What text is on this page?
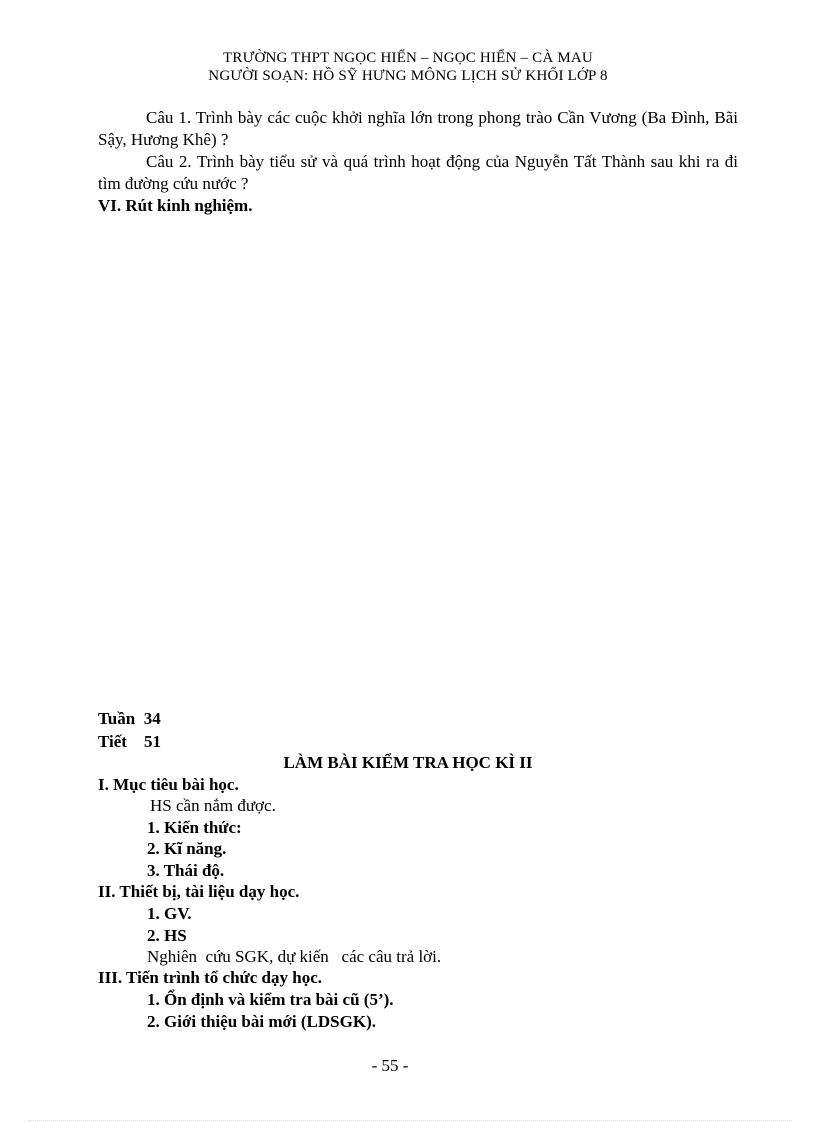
TRƯỜNG THPT NGỌC HIỂN – NGỌC HIỂN – CÀ MAU
NGƯỜI SOẠN: HỒ SỸ HƯNG MÔNG LỊCH SỬ KHỐI LỚP 8

Câu 1. Trình bày các cuộc khởi nghĩa lớn trong phong trào Cần Vương (Ba Đình, Bãi Sậy, Hương Khê) ?

Câu 2. Trình bày tiểu sử và quá trình hoạt động của Nguyễn Tất Thành sau khi ra đi tìm đường cứu nước ?

VI. Rút kinh nghiệm.
Tuần  34
Tiết    51
LÀM BÀI KIỂM TRA HỌC KÌ II
I. Mục tiêu bài học.
HS cần nắm được.
1. Kiến thức:
2. Kĩ năng.
3. Thái độ.
II. Thiết bị, tài liệu dạy học.
1. GV.
2. HS
Nghiên  cứu SGK, dự kiến   các câu trả lời.
III. Tiến trình tổ chức dạy học.
1. Ổn định và kiểm tra bài cũ (5’).
2. Giới thiệu bài mới (LDSGK).
- 55 -
